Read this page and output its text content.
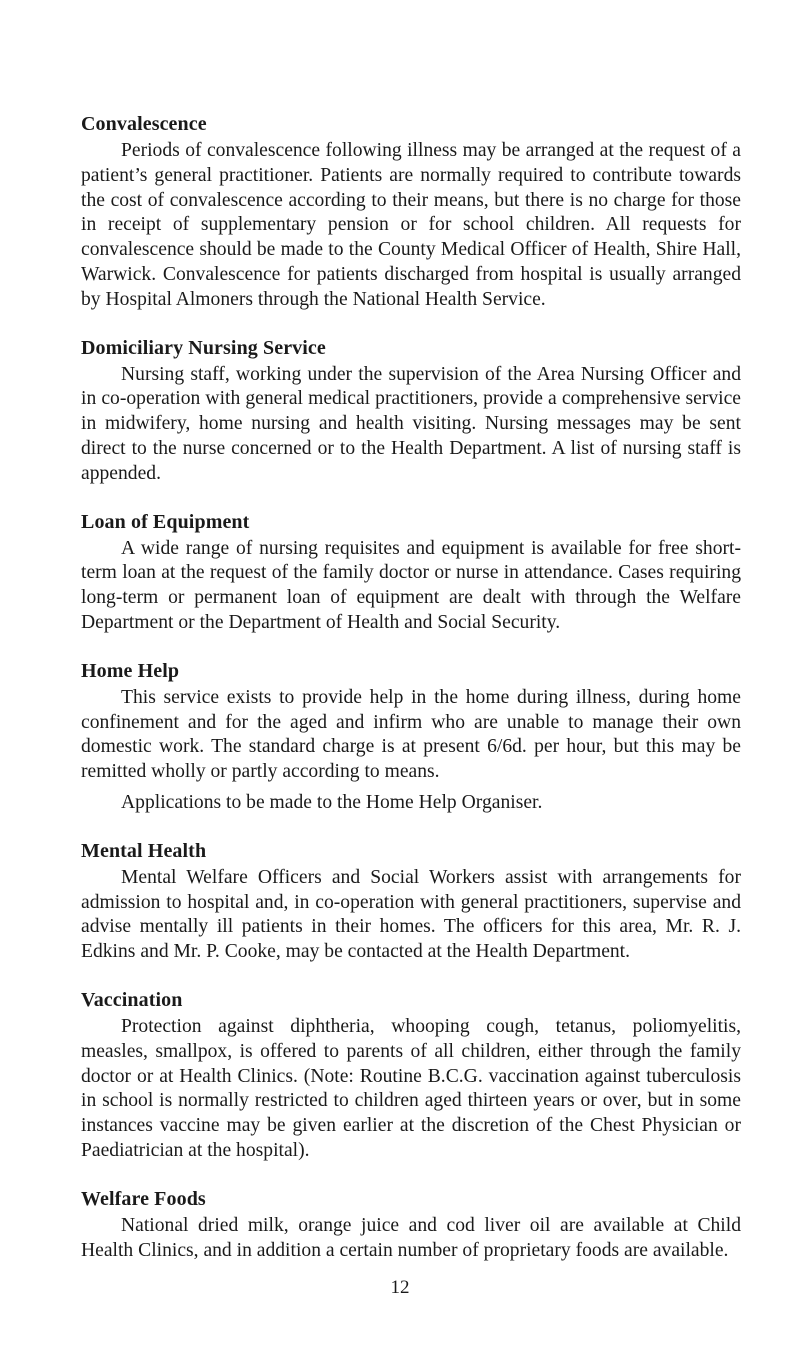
Convalescence

Periods of convalescence following illness may be arranged at the request of a patient’s general practitioner. Patients are normally required to contribute towards the cost of convalescence according to their means, but there is no charge for those in receipt of supplementary pension or for school children. All requests for convalescence should be made to the County Medical Officer of Health, Shire Hall, Warwick. Convalescence for patients discharged from hospital is usually arranged by Hospital Almoners through the National Health Service.

Domiciliary Nursing Service

Nursing staff, working under the supervision of the Area Nursing Officer and in co-operation with general medical practitioners, provide a comprehensive service in midwifery, home nursing and health visiting. Nursing messages may be sent direct to the nurse concerned or to the Health Department. A list of nursing staff is appended.

Loan of Equipment

A wide range of nursing requisites and equipment is available for free short-term loan at the request of the family doctor or nurse in attendance. Cases requiring long-term or permanent loan of equipment are dealt with through the Welfare Department or the Department of Health and Social Security.

Home Help

This service exists to provide help in the home during illness, during home confinement and for the aged and infirm who are unable to manage their own domestic work. The standard charge is at present 6/6d. per hour, but this may be remitted wholly or partly according to means.

Applications to be made to the Home Help Organiser.

Mental Health

Mental Welfare Officers and Social Workers assist with arrangements for admission to hospital and, in co-operation with general practitioners, supervise and advise mentally ill patients in their homes. The officers for this area, Mr. R. J. Edkins and Mr. P. Cooke, may be contacted at the Health Department.

Vaccination

Protection against diphtheria, whooping cough, tetanus, poliomyelitis, measles, smallpox, is offered to parents of all children, either through the family doctor or at Health Clinics. (Note: Routine B.C.G. vaccination against tuberculosis in school is normally restricted to children aged thirteen years or over, but in some instances vaccine may be given earlier at the discretion of the Chest Physician or Paediatrician at the hospital).

Welfare Foods

National dried milk, orange juice and cod liver oil are available at Child Health Clinics, and in addition a certain number of proprietary foods are available.

12
